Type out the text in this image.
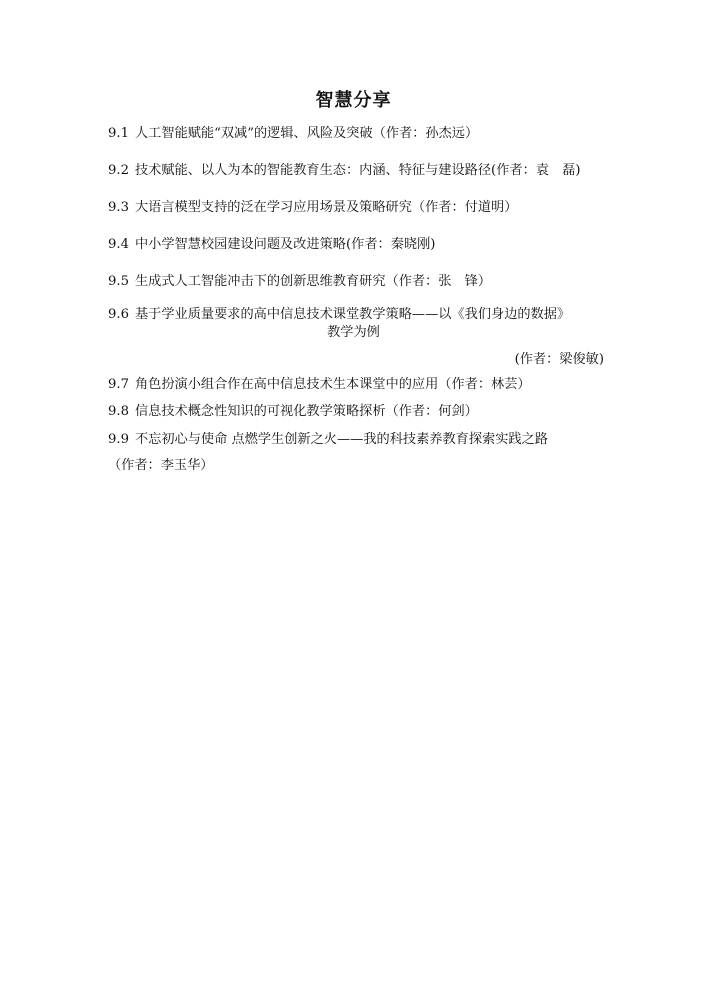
智慧分享
9.1 人工智能赋能“双减”的逻辑、风险及突破（作者：孙杰远）
9.2 技术赋能、以人为本的智能教育生态：内涵、特征与建设路径(作者：袁　磊)
9.3 大语言模型支持的泛在学习应用场景及策略研究（作者：付道明）
9.4 中小学智慧校园建设问题及改进策略(作者：秦晓刚)
9.5 生成式人工智能冲击下的创新思维教育研究（作者：张　锋）
9.6 基于学业质量要求的高中信息技术课堂教学策略——以《我们身边的数据》
教学为例
(作者：梁俊敏)
9.7 角色扮演小组合作在高中信息技术生本课堂中的应用（作者：林芸）
9.8 信息技术概念性知识的可视化教学策略探析（作者：何剑）
9.9 不忘初心与使命 点燃学生创新之火——我的科技素养教育探索实践之路
（作者：李玉华）
